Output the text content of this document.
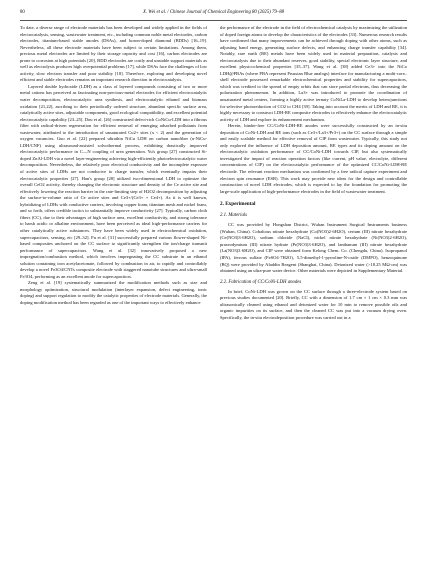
80	X. Wei et al. / Chinese Journal of Chemical Engineering 80 (2025) 79–88

To date, a diverse range of electrode materials has been developed and widely applied in the fields of electrocatalysis, sensing, wastewater treatment, etc., including common noble metal electrodes, carbon electrodes, titanium-based stable anodes (DSAs), and boron-doped diamond (BDDs) [16–19]. Nevertheless, all these electrode materials have been subject to certain limitations. Among them, precious metal electrodes are limited by their storage capacity and cost [16], carbon electrodes are prone to corrosion at high potentials [20], BDD electrodes are costly and unstable support materials as well as electrolysis produces high overpotential problems [17], while DSAs face the challenges of low activity, slow electron transfer and poor stability [18]. Therefore, exploring and developing novel efficient and stable electrodes remains an important research direction in electrocatalysis.

Layered double hydroxide (LDH) as a class of layered compounds consisting of two or more metal cations has perceived as fascinating non-precious-metal electrodes for efficient electrocatalytic water decomposition, electrocatalytic urea synthesis, and electrocatalytic ethanol and biomass oxidation [21,22], ascribing to their periodically ordered structure, abundant specific surface area, catalytically active sites, adjustable components, good ecological compatibility, and excellent potential electrocatalytic capability [23–25]. Dou et al. [26] constructed defect-rich CoNiCu-LDH into a fibrous filter with radical-driven regeneration for efficient removal of emerging adsorbed pollutants from wastewater, attributed to the introduction of unsaturated Cu2+ sites (x < 2) and the generation of oxygen vacancies. Guo et al. [22] prepared ultrathin NiCu LDH on carbon nanofiber (u-NiCu-LDH/CNF) using ultrasound-assisted solvothermal process, exhibiting drastically improved electrocatalytic performance in C—N coupling of urea generation. Yu's group [27] constructed Si-doped ZnAl-LDH via a novel layer-engineering achieving high-efficiently photoelectrocatalytic water decomposition. Nevertheless, the relatively poor electrical conductivity and the incomplete exposure of active sites of LDHs are not conducive to charge transfer, which eventually impairs their electrocatalytic properties [27]. Han's group [28] utilized two-dimensional LDH to optimize the overall CeO2 activity, thereby changing the electronic structure and density of the Ce active site and effectively lowering the reaction barrier in the rate-limiting step of H2O2 decomposition by adjusting the surface-to-volume ratio of Ce active sites and Ce3+/(Ce3+ + Ce4+). As it is well known, hybridizing of LDHs with conductive carriers, involving copper foam, titanium mesh and nickel foam, and so forth, offers credible tactics to substantially improve conductivity [27]. Typically, carbon cloth fibers (CC), due to their advantages of high surface area, excellent conductivity, and strong tolerance to harsh acidic or alkaline environment, have been perceived as ideal high-performance carriers for other catalytically active substances. They have been widely used in electrochemical oxidation, supercapacitors, sensing, etc [29–32]. Fu et al. [31] successfully prepared various flower-shaped Ni-based composites anchored on the CC surface to significantly strengthen the ion/charge transmit performance of supercapacitors. Wang et al. [32] innovatively proposed a new impregnation/combustion method, which involves impregnating the CC substrate in an ethanol solution containing iron acetylacetonate, followed by combustion in air, to rapidly and controllably develop a novel Fe3O4/CNTs composite electrode with staggered nanotube structures and ultra-small Fe3O4, performing as an excellent anode for supercapacitors.

Zeng et al. [19] systematically summarized the modification methods such as size and morphology optimization, structural modulation (interlayer expansion, defect engineering, ionic doping) and support regulation to modify the catalytic properties of electrode materials. Generally, the doping modification method has been regarded as one of the important ways to effectively enhance

the performance of the electrode in the field of electrochemical catalysis by maximizing the utilization of doped foreign atoms to develop the characteristics of the electrodes [33]. Numerous research results have confirmed that many improvements can be achieved through doping with other atoms, such as adjusting band energy, generating surface defects, and enhancing charge transfer capability [34]. Notably, rare earth (RE) metals have been widely used in material preparation, catalysis and electrocatalysis due to their abundant reserves, good stability, special electronic layer structure, and excellent physicochemical properties [35–37]. Wang et al. [38] added Ce3+ into the NiCo LDH@PBAs (where PBA represent Prussian Blue analogs) interface for manufacturing a multi-core–shell electrode possessed remarkable electrochemical properties and stability for supercapacitors, which was credited to the spread of empty orbits that can store partial electrons, thus decreasing the polarization phenomenon. In addition, La3+ was introduced to promote the coordination of unsaturated metal centers, forming a highly active ternary CoNiLa-LDH to develop heterojunctions for selective photoreduction of CO2 to CH4 [39]. Taking into account the merits of LDH and RE, it is highly necessary to construct LDH-RE composite electrodes to effectively enhance the electrocatalytic activity of LDH and explore its enhancement mechanism.

Herein, binder-free CC/CoNi-LDH-RE anodes were successfully constructed by an in-situ deposition of CoNi-LDH and RE ions (such as Ce3+/La3+/Pr3+) on the CC surface through a simple and easily scalable method for effective removal of CIP from wastewater. Typically, this study not only explored the influence of LDH deposition amount, RE types and its doping amount on the electrocatalytic oxidation performance of CC/CoNi-LDH towards CIP, but also systematically investigated the impact of reaction operation factors (like current, pH value, electrolyte, different concentrations of CIP) on the electrocatalytic performance of the optimized CC/CoNi-LDH-RE electrode. The relevant reaction mechanism was confirmed by a free radical capture experiment and electron spin resonance (ESR). This work may provide new ideas for the design and controllable construction of novel LDH electrodes, which is expected to lay the foundation for promoting the large-scale application of high-performance electrodes in the field of wastewater treatment.

2. Experimental
2.1. Materials

CC was provided by Hongshan District, Wuhan Instrument Surgical Instruments business (Wuhan, China). Cobaltous nitrate hexahydrate (Co(NO3)2·6H2O), cerium (III) nitrate hexahydrate (Ce(NO3)3·6H2O), sodium chloride (NaCl), nickel nitrate hexahydrate (Ni(NO3)2·6H2O), praseodymium (III) nitrate hydrate (Pr(NO3)3·6H2O), and lanthanum (III) nitrate hexahydrate (La(NO3)3·6H2O), and CIP were obtained form Kelong Chem. Co. (Chengdu, China). Isopropanol (IPA), ferrous sulfate (FeSO4·7H2O), 5,5-dimethyl-1-pyrroline-N-oxide (DMPO), benzoquinone (BQ) were provided by Aladdin Reagent (Shanghai, China). Deionized water (>18.25 MΩ·cm) was obtained using an ultra-pure water device. Other materials were depicted in Supplementary Material.

2.2. Fabrication of CC/CoNi-LDH anodes

In brief, CoNi-LDH was grown on the CC surface through a three-electrode system based on previous studies documented [20]. Briefly, CC with a dimension of 1.7 cm × 1 cm × 0.3 mm was ultrasonically cleaned using ethanol and deionized water for 10 min to remove possible oils and organic impurities on its surface, and then the cleaned CC was put into a vacuum drying oven. Specifically, the in-situ electrodeposition procedure was carried out in a
